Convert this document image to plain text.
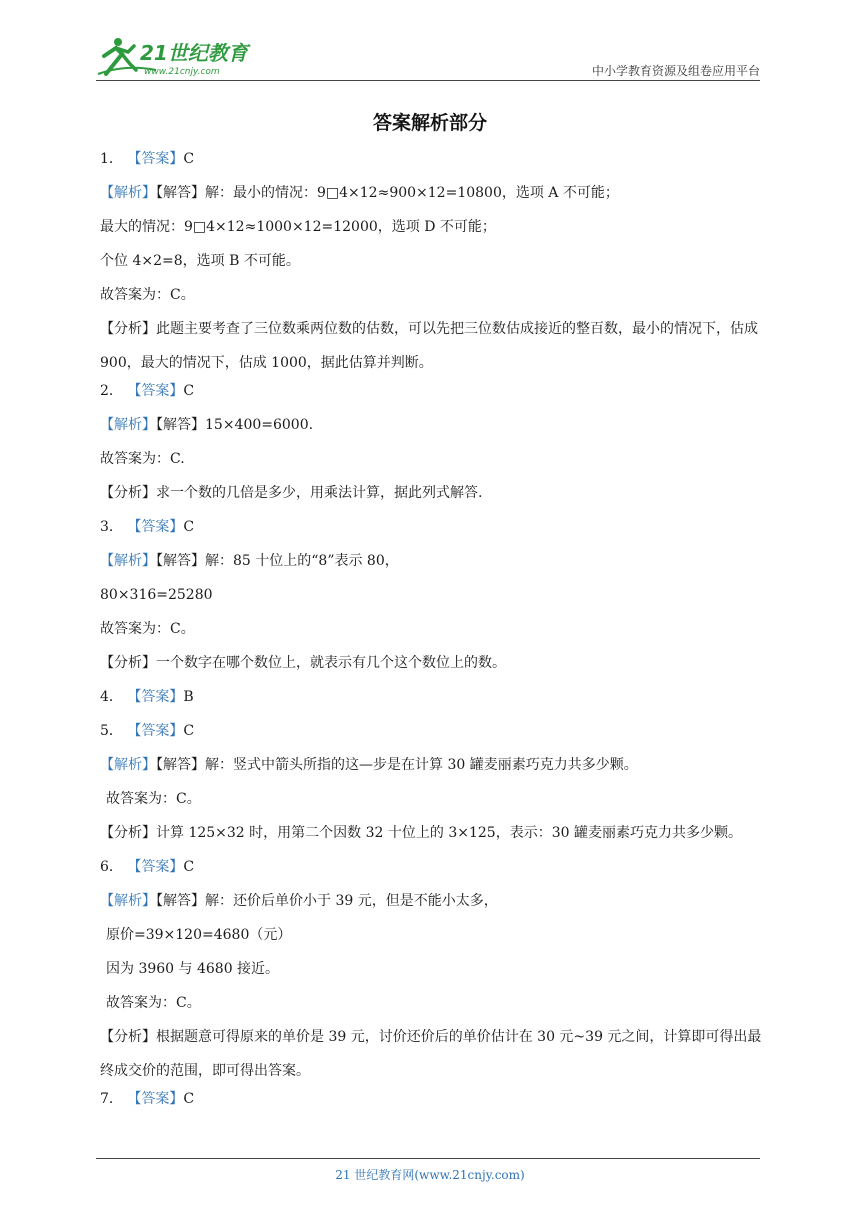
21世纪教育
www.21cnjy.com	中小学教育资源及组卷应用平台
答案解析部分
1． 【答案】C
【解析】【解答】解：最小的情况：9□4×12≈900×12=10800，选项 A 不可能；
最大的情况：9□4×12≈1000×12=12000，选项 D 不可能；
个位 4×2=8，选项 B 不可能。
故答案为：C。
【分析】此题主要考查了三位数乘两位数的估数，可以先把三位数估成接近的整百数，最小的情况下，估成 900，最大的情况下，估成 1000，据此估算并判断。
2． 【答案】C
【解析】【解答】15×400=6000.
故答案为：C.
【分析】求一个数的几倍是多少，用乘法计算，据此列式解答.
3． 【答案】C
【解析】【解答】解：85 十位上的“8”表示 80，
80×316=25280
故答案为：C。
【分析】一个数字在哪个数位上，就表示有几个这个数位上的数。
4． 【答案】B
5． 【答案】C
【解析】【解答】解：竖式中箭头所指的这—步是在计算 30 罐麦丽素巧克力共多少颗。
故答案为：C。
【分析】计算 125×32 时，用第二个因数 32 十位上的 3×125，表示：30 罐麦丽素巧克力共多少颗。
6． 【答案】C
【解析】【解答】解：还价后单价小于 39 元，但是不能小太多，
原价=39×120=4680（元）
因为 3960 与 4680 接近。
故答案为：C。
【分析】根据题意可得原来的单价是 39 元，讨价还价后的单价估计在 30 元~39 元之间，计算即可得出最终成交价的范围，即可得出答案。
7． 【答案】C
21 世纪教育网(www.21cnjy.com)
